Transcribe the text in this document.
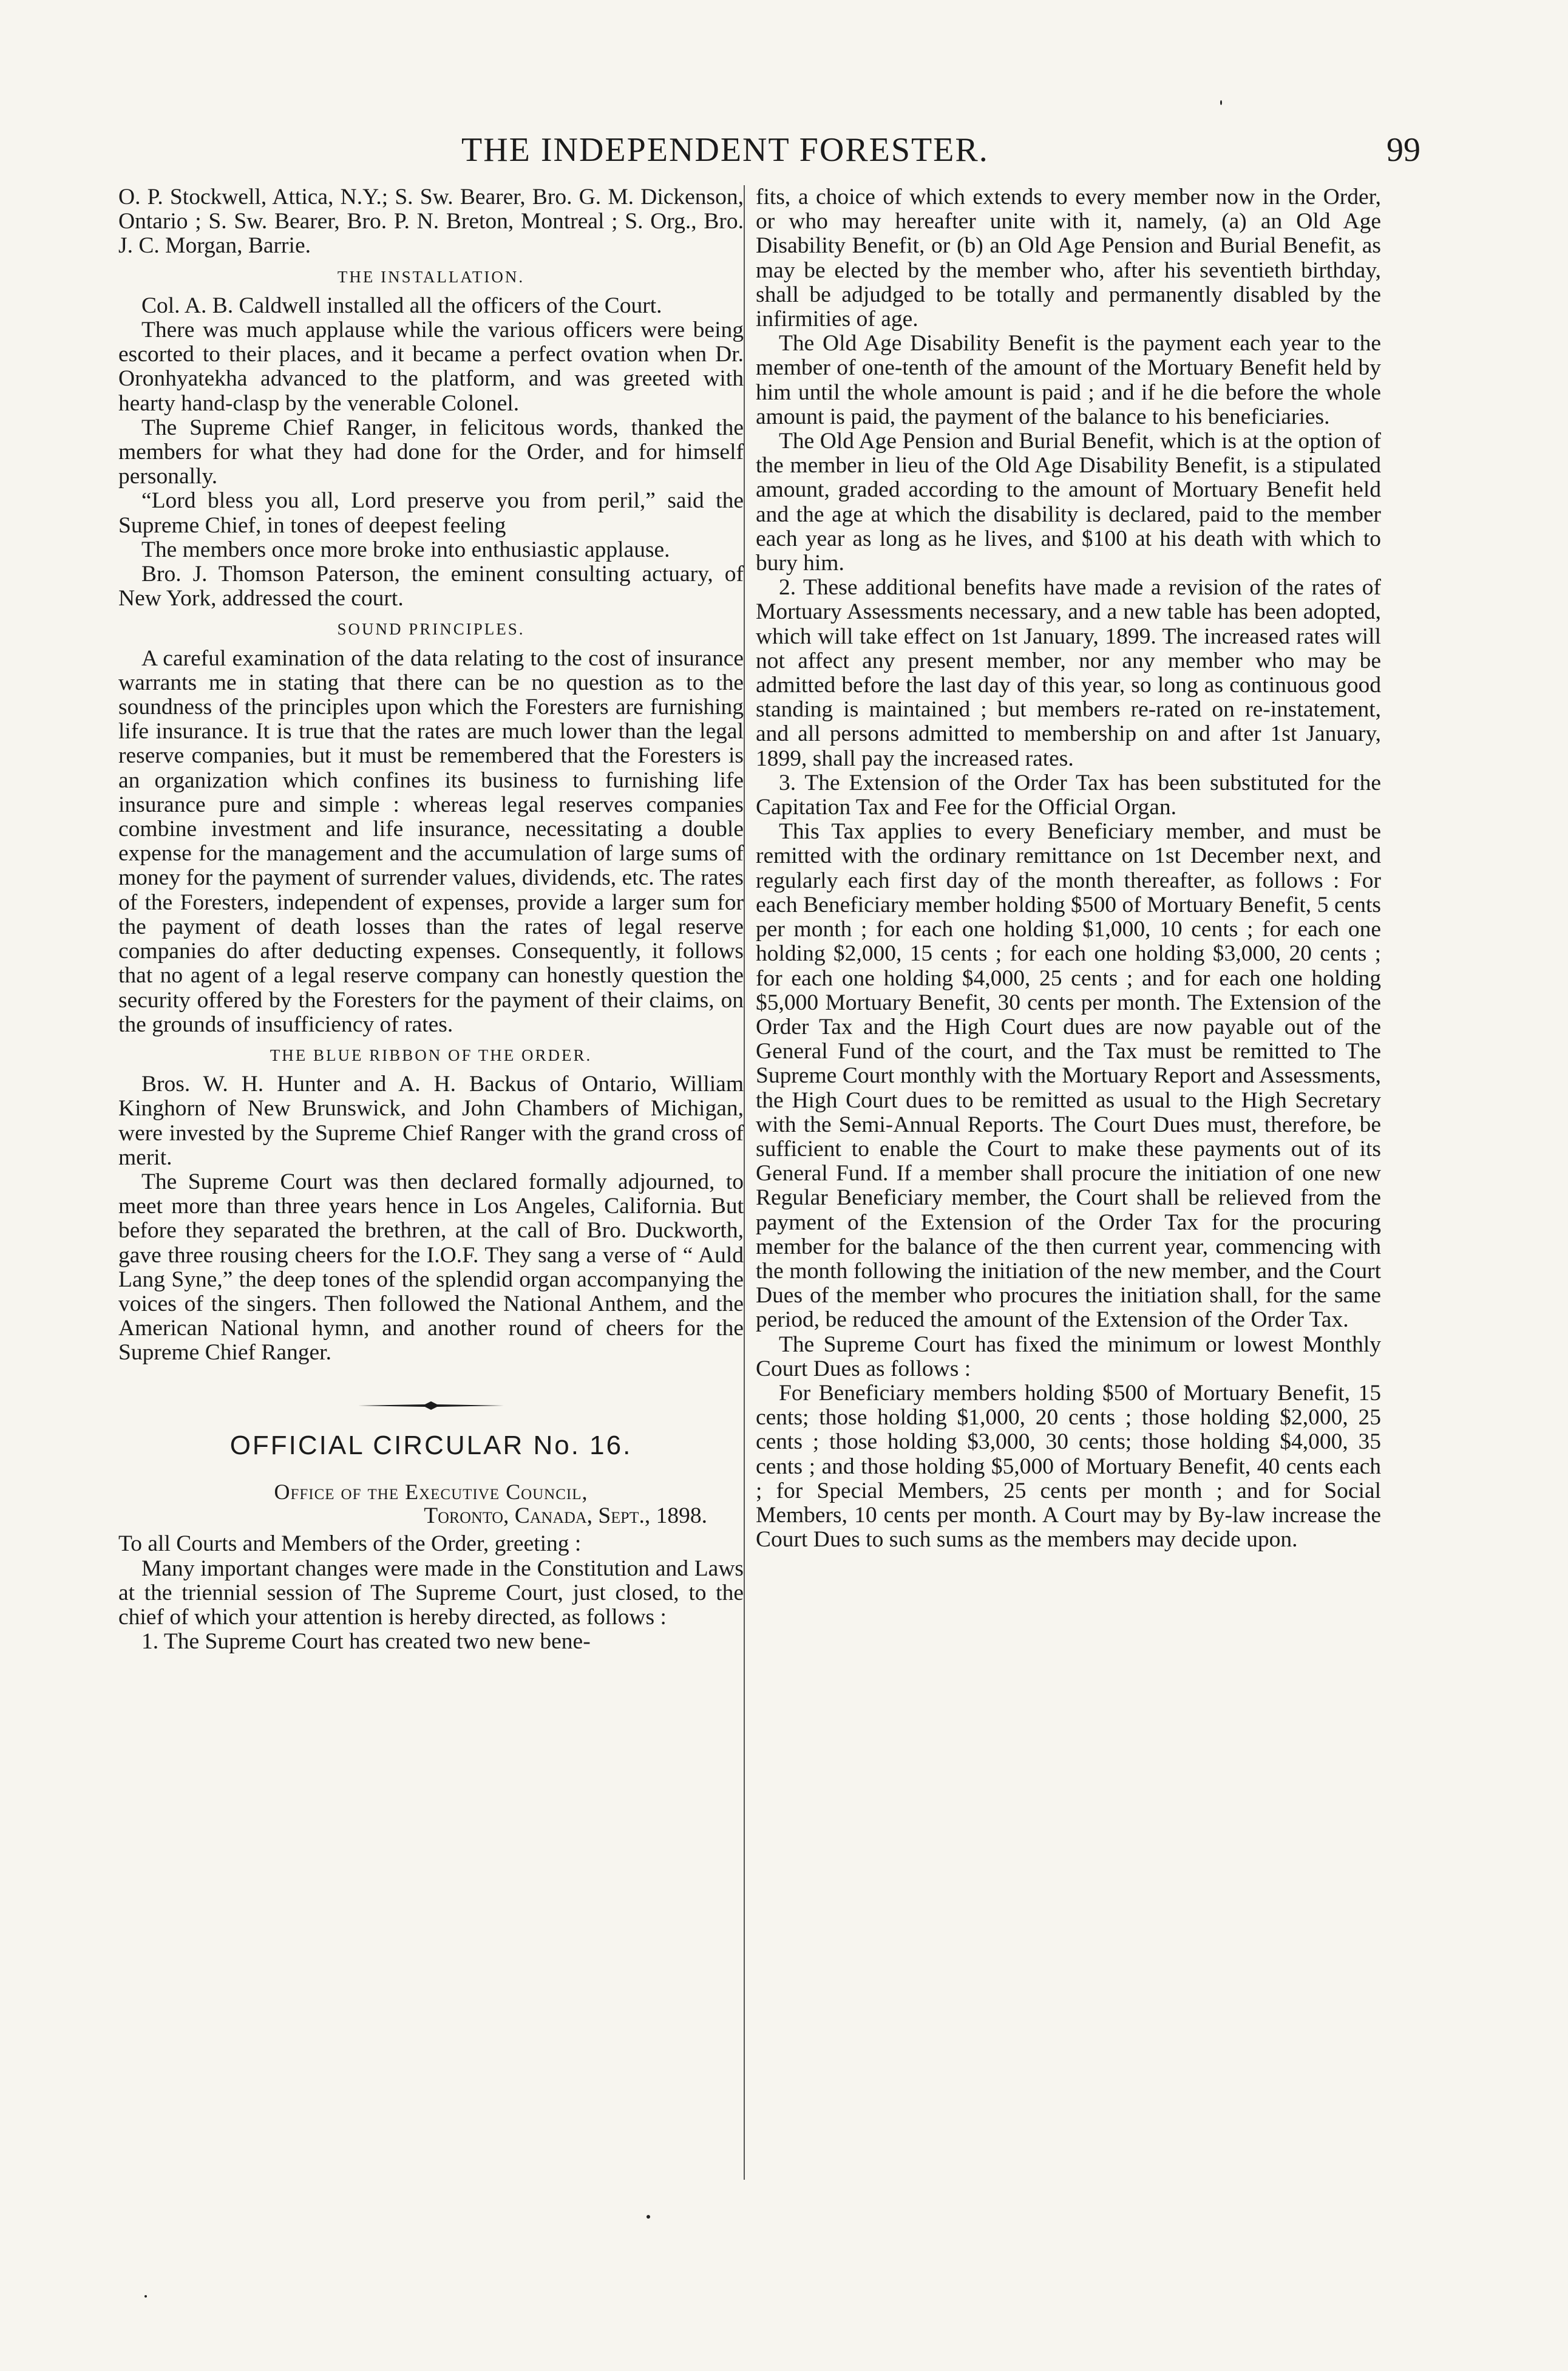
THE INDEPENDENT FORESTER.	99

O. P. Stockwell, Attica, N.Y.; S. Sw. Bearer, Bro. G. M. Dickenson, Ontario ; S. Sw. Bearer, Bro. P. N. Breton, Montreal ; S. Org., Bro. J. C. Morgan, Barrie.

THE INSTALLATION.

Col. A. B. Caldwell installed all the officers of the Court.

There was much applause while the various officers were being escorted to their places, and it became a perfect ovation when Dr. Oronhyatekha advanced to the platform, and was greeted with hearty hand-clasp by the venerable Colonel.

The Supreme Chief Ranger, in felicitous words, thanked the members for what they had done for the Order, and for himself personally.

“Lord bless you all, Lord preserve you from peril,” said the Supreme Chief, in tones of deepest feeling

The members once more broke into enthusiastic applause.

Bro. J. Thomson Paterson, the eminent consulting actuary, of New York, addressed the court.

SOUND PRINCIPLES.

A careful examination of the data relating to the cost of insurance warrants me in stating that there can be no question as to the soundness of the principles upon which the Foresters are furnishing life insurance. It is true that the rates are much lower than the legal reserve companies, but it must be remembered that the Foresters is an organization which confines its business to furnishing life insurance pure and simple : whereas legal reserves companies combine investment and life insurance, necessitating a double expense for the management and the accumulation of large sums of money for the payment of surrender values, dividends, etc. The rates of the Foresters, independent of expenses, provide a larger sum for the payment of death losses than the rates of legal reserve companies do after deducting expenses. Consequently, it follows that no agent of a legal reserve company can honestly question the security offered by the Foresters for the payment of their claims, on the grounds of insufficiency of rates.

THE BLUE RIBBON OF THE ORDER.

Bros. W. H. Hunter and A. H. Backus of Ontario, William Kinghorn of New Brunswick, and John Chambers of Michigan, were invested by the Supreme Chief Ranger with the grand cross of merit.

The Supreme Court was then declared formally adjourned, to meet more than three years hence in Los Angeles, California. But before they separated the brethren, at the call of Bro. Duckworth, gave three rousing cheers for the I.O.F. They sang a verse of “ Auld Lang Syne,” the deep tones of the splendid organ accompanying the voices of the singers. Then followed the National Anthem, and the American National hymn, and another round of cheers for the Supreme Chief Ranger.

OFFICIAL CIRCULAR No. 16.
Office of the Executive Council,
Toronto, Canada, Sept., 1898.

To all Courts and Members of the Order, greeting :

Many important changes were made in the Constitution and Laws at the triennial session of The Supreme Court, just closed, to the chief of which your attention is hereby directed, as follows :

1. The Supreme Court has created two new bene-

fits, a choice of which extends to every member now in the Order, or who may hereafter unite with it, namely, (a) an Old Age Disability Benefit, or (b) an Old Age Pension and Burial Benefit, as may be elected by the member who, after his seventieth birthday, shall be adjudged to be totally and permanently disabled by the infirmities of age.

The Old Age Disability Benefit is the payment each year to the member of one-tenth of the amount of the Mortuary Benefit held by him until the whole amount is paid ; and if he die before the whole amount is paid, the payment of the balance to his beneficiaries.

The Old Age Pension and Burial Benefit, which is at the option of the member in lieu of the Old Age Disability Benefit, is a stipulated amount, graded according to the amount of Mortuary Benefit held and the age at which the disability is declared, paid to the member each year as long as he lives, and $100 at his death with which to bury him.

2. These additional benefits have made a revision of the rates of Mortuary Assessments necessary, and a new table has been adopted, which will take effect on 1st January, 1899. The increased rates will not affect any present member, nor any member who may be admitted before the last day of this year, so long as continuous good standing is maintained ; but members re-rated on re-instatement, and all persons admitted to membership on and after 1st January, 1899, shall pay the increased rates.

3. The Extension of the Order Tax has been substituted for the Capitation Tax and Fee for the Official Organ.

This Tax applies to every Beneficiary member, and must be remitted with the ordinary remittance on 1st December next, and regularly each first day of the month thereafter, as follows : For each Beneficiary member holding $500 of Mortuary Benefit, 5 cents per month ; for each one holding $1,000, 10 cents ; for each one holding $2,000, 15 cents ; for each one holding $3,000, 20 cents ; for each one holding $4,000, 25 cents ; and for each one holding $5,000 Mortuary Benefit, 30 cents per month. The Extension of the Order Tax and the High Court dues are now payable out of the General Fund of the court, and the Tax must be remitted to The Supreme Court monthly with the Mortuary Report and Assessments, the High Court dues to be remitted as usual to the High Secretary with the Semi-Annual Reports. The Court Dues must, therefore, be sufficient to enable the Court to make these payments out of its General Fund. If a member shall procure the initiation of one new Regular Beneficiary member, the Court shall be relieved from the payment of the Extension of the Order Tax for the procuring member for the balance of the then current year, commencing with the month following the initiation of the new member, and the Court Dues of the member who procures the initiation shall, for the same period, be reduced the amount of the Extension of the Order Tax.

The Supreme Court has fixed the minimum or lowest Monthly Court Dues as follows :

For Beneficiary members holding $500 of Mortuary Benefit, 15 cents; those holding $1,000, 20 cents ; those holding $2,000, 25 cents ; those holding $3,000, 30 cents; those holding $4,000, 35 cents ; and those holding $5,000 of Mortuary Benefit, 40 cents each ; for Special Members, 25 cents per month ; and for Social Members, 10 cents per month. A Court may by By-law increase the Court Dues to such sums as the members may decide upon.
